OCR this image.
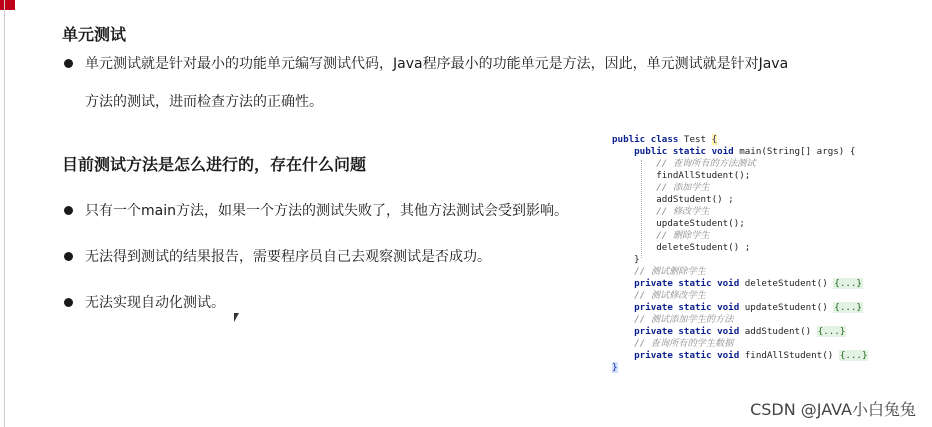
单元测试
单元测试就是针对最小的功能单元编写测试代码，Java程序最小的功能单元是方法，因此，单元测试就是针对Java
方法的测试，进而检查方法的正确性。
目前测试方法是怎么进行的，存在什么问题
只有一个main方法，如果一个方法的测试失败了，其他方法测试会受到影响。
无法得到测试的结果报告，需要程序员自己去观察测试是否成功。
无法实现自动化测试。
public class Test {
public static void main(String[] args) {
// 查询所有的方法测试
findAllStudent();
// 添加学生
addStudent() ;
// 修改学生
updateStudent();
// 删除学生
deleteStudent() ;
}
// 测试删除学生
private static void deleteStudent() {...}
// 测试修改学生
private static void updateStudent() {...}
// 测试添加学生的方法
private static void addStudent() {...}
// 查询所有的学生数据
private static void findAllStudent() {...}
}
CSDN @JAVA小白兔兔
